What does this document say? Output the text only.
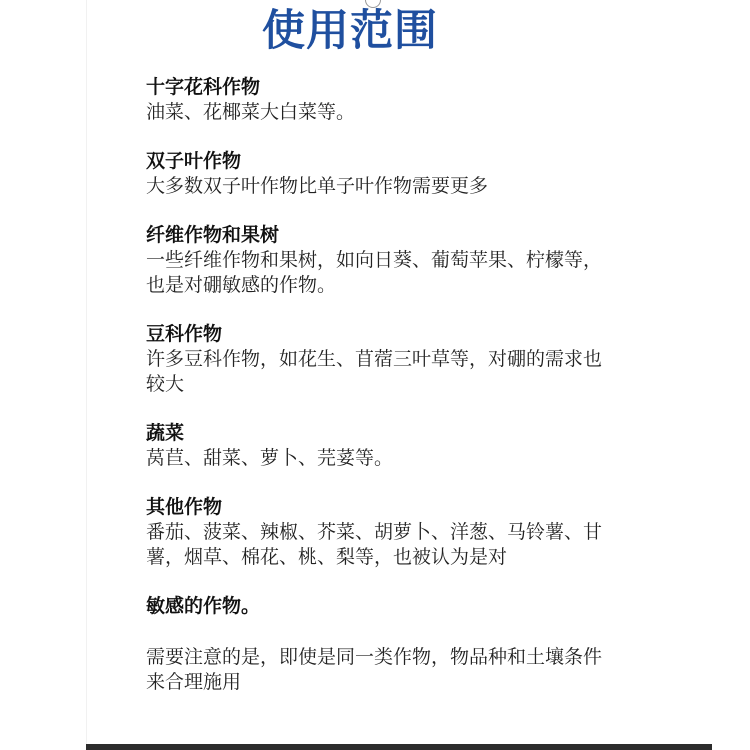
使用范围
十字花科作物
油菜、花椰菜大白菜等。
双子叶作物
大多数双子叶作物比单子叶作物需要更多
纤维作物和果树
一些纤维作物和果树，如向日葵、葡萄苹果、柠檬等，也是对硼敏感的作物。
豆科作物
许多豆科作物，如花生、苜蓿三叶草等，对硼的需求也较大
蔬菜
莴苣、甜菜、萝卜、芫荽等。
其他作物
番茄、菠菜、辣椒、芥菜、胡萝卜、洋葱、马铃薯、甘薯，烟草、棉花、桃、梨等，也被认为是对
敏感的作物。
需要注意的是，即使是同一类作物，物品种和土壤条件来合理施用
